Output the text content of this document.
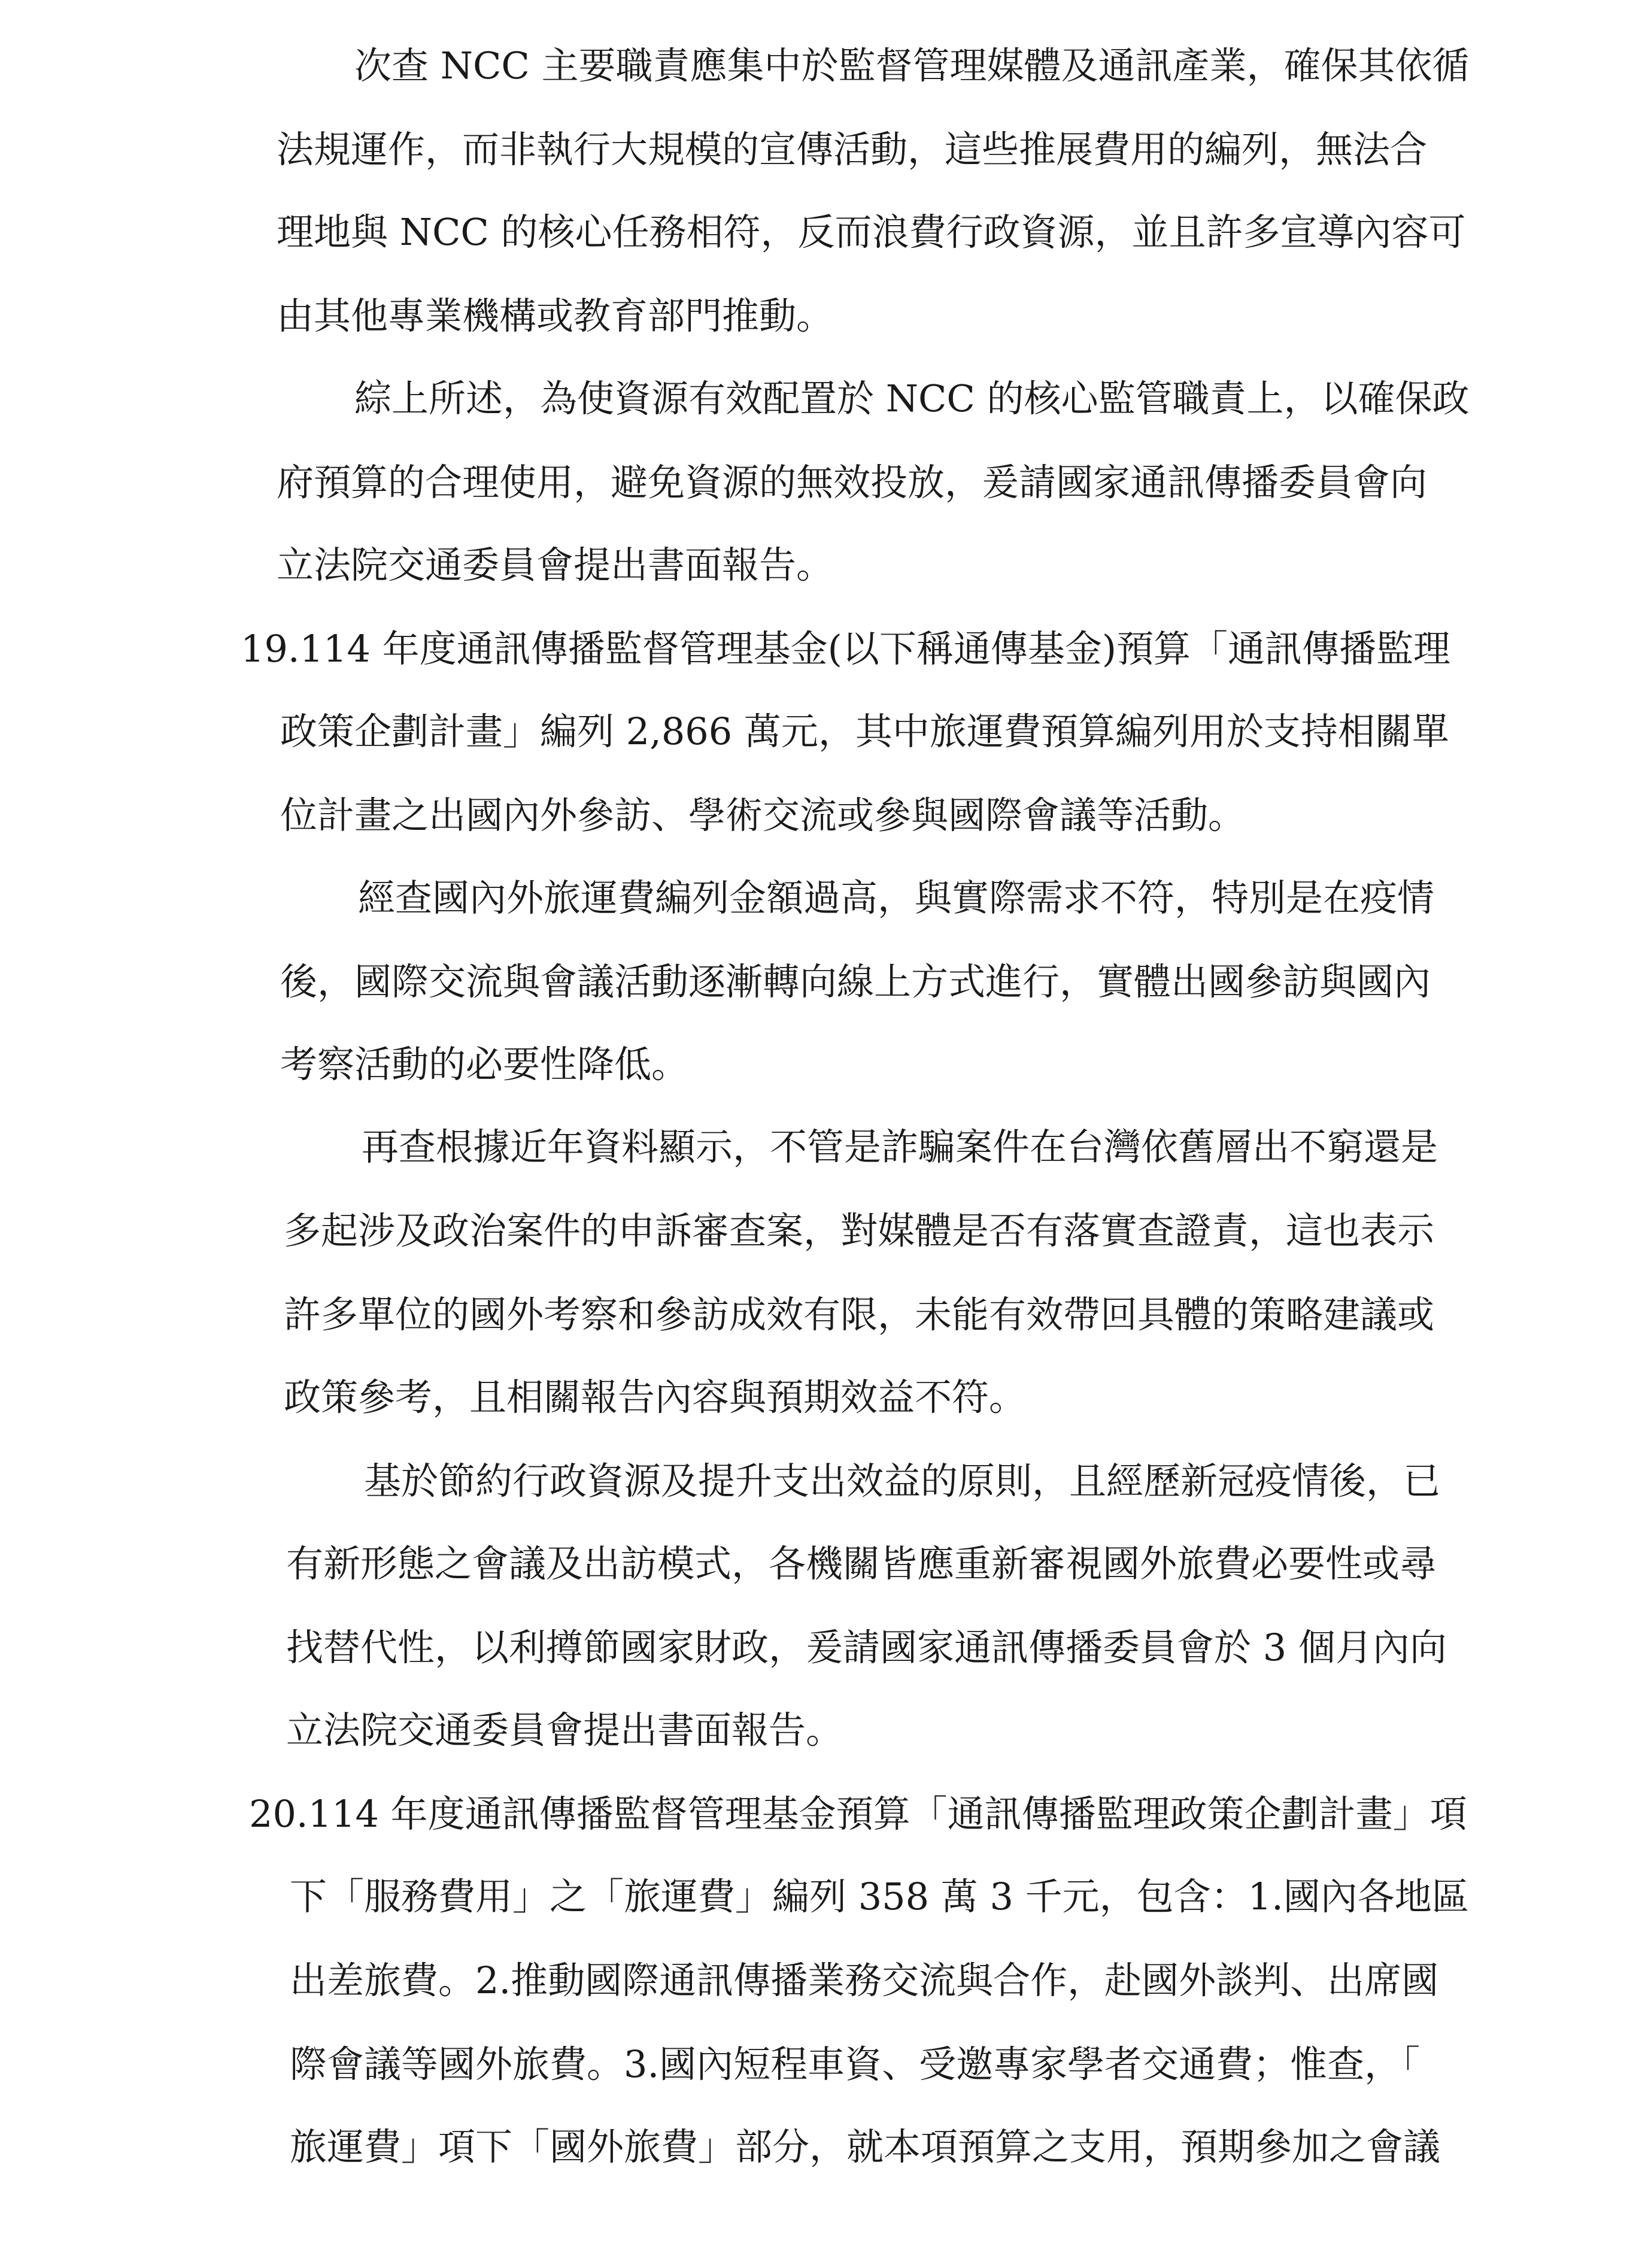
次查 NCC 主要職責應集中於監督管理媒體及通訊產業，確保其依循

法規運作，而非執行大規模的宣傳活動，這些推展費用的編列，無法合

理地與 NCC 的核心任務相符，反而浪費行政資源，並且許多宣導內容可

由其他專業機構或教育部門推動。

綜上所述，為使資源有效配置於 NCC 的核心監管職責上，以確保政

府預算的合理使用，避免資源的無效投放，爰請國家通訊傳播委員會向

立法院交通委員會提出書面報告。

19.114 年度通訊傳播監督管理基金(以下稱通傳基金)預算「通訊傳播監理

政策企劃計畫」編列 2,866 萬元，其中旅運費預算編列用於支持相關單

位計畫之出國內外參訪、學術交流或參與國際會議等活動。

經查國內外旅運費編列金額過高，與實際需求不符，特別是在疫情

後，國際交流與會議活動逐漸轉向線上方式進行，實體出國參訪與國內

考察活動的必要性降低。

再查根據近年資料顯示，不管是詐騙案件在台灣依舊層出不窮還是

多起涉及政治案件的申訴審查案，對媒體是否有落實查證責，這也表示

許多單位的國外考察和參訪成效有限，未能有效帶回具體的策略建議或

政策參考，且相關報告內容與預期效益不符。

基於節約行政資源及提升支出效益的原則，且經歷新冠疫情後，已

有新形態之會議及出訪模式，各機關皆應重新審視國外旅費必要性或尋

找替代性，以利撙節國家財政，爰請國家通訊傳播委員會於 3 個月內向

立法院交通委員會提出書面報告。

20.114 年度通訊傳播監督管理基金預算「通訊傳播監理政策企劃計畫」項

下「服務費用」之「旅運費」編列 358 萬 3 千元，包含：1.國內各地區

出差旅費。2.推動國際通訊傳播業務交流與合作，赴國外談判、出席國

際會議等國外旅費。3.國內短程車資、受邀專家學者交通費；惟查，「

旅運費」項下「國外旅費」部分，就本項預算之支用，預期參加之會議
